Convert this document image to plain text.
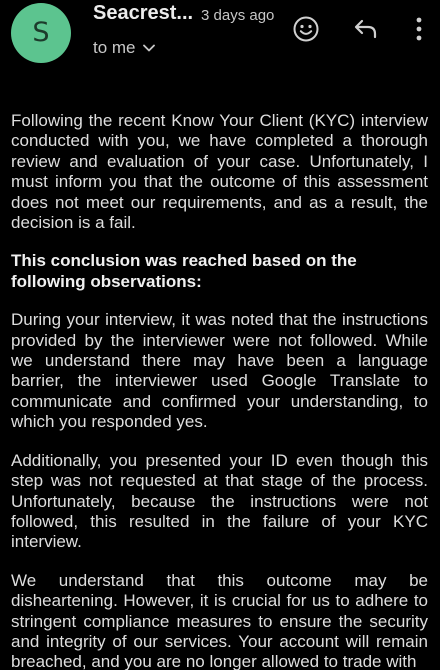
S
Seacrest... 3 days ago
to me

Following the recent Know Your Client (KYC) interview conducted with you, we have completed a thorough review and evaluation of your case. Unfortunately, I must inform you that the outcome of this assessment does not meet our requirements, and as a result, the decision is a fail.

This conclusion was reached based on the following observations:

During your interview, it was noted that the instructions provided by the interviewer were not followed. While we understand there may have been a language barrier, the interviewer used Google Translate to communicate and confirmed your understanding, to which you responded yes.

Additionally, you presented your ID even though this step was not requested at that stage of the process. Unfortunately, because the instructions were not followed, this resulted in the failure of your KYC interview.

We understand that this outcome may be disheartening. However, it is crucial for us to adhere to stringent compliance measures to ensure the security and integrity of our services. Your account will remain breached, and you are no longer allowed to trade with
